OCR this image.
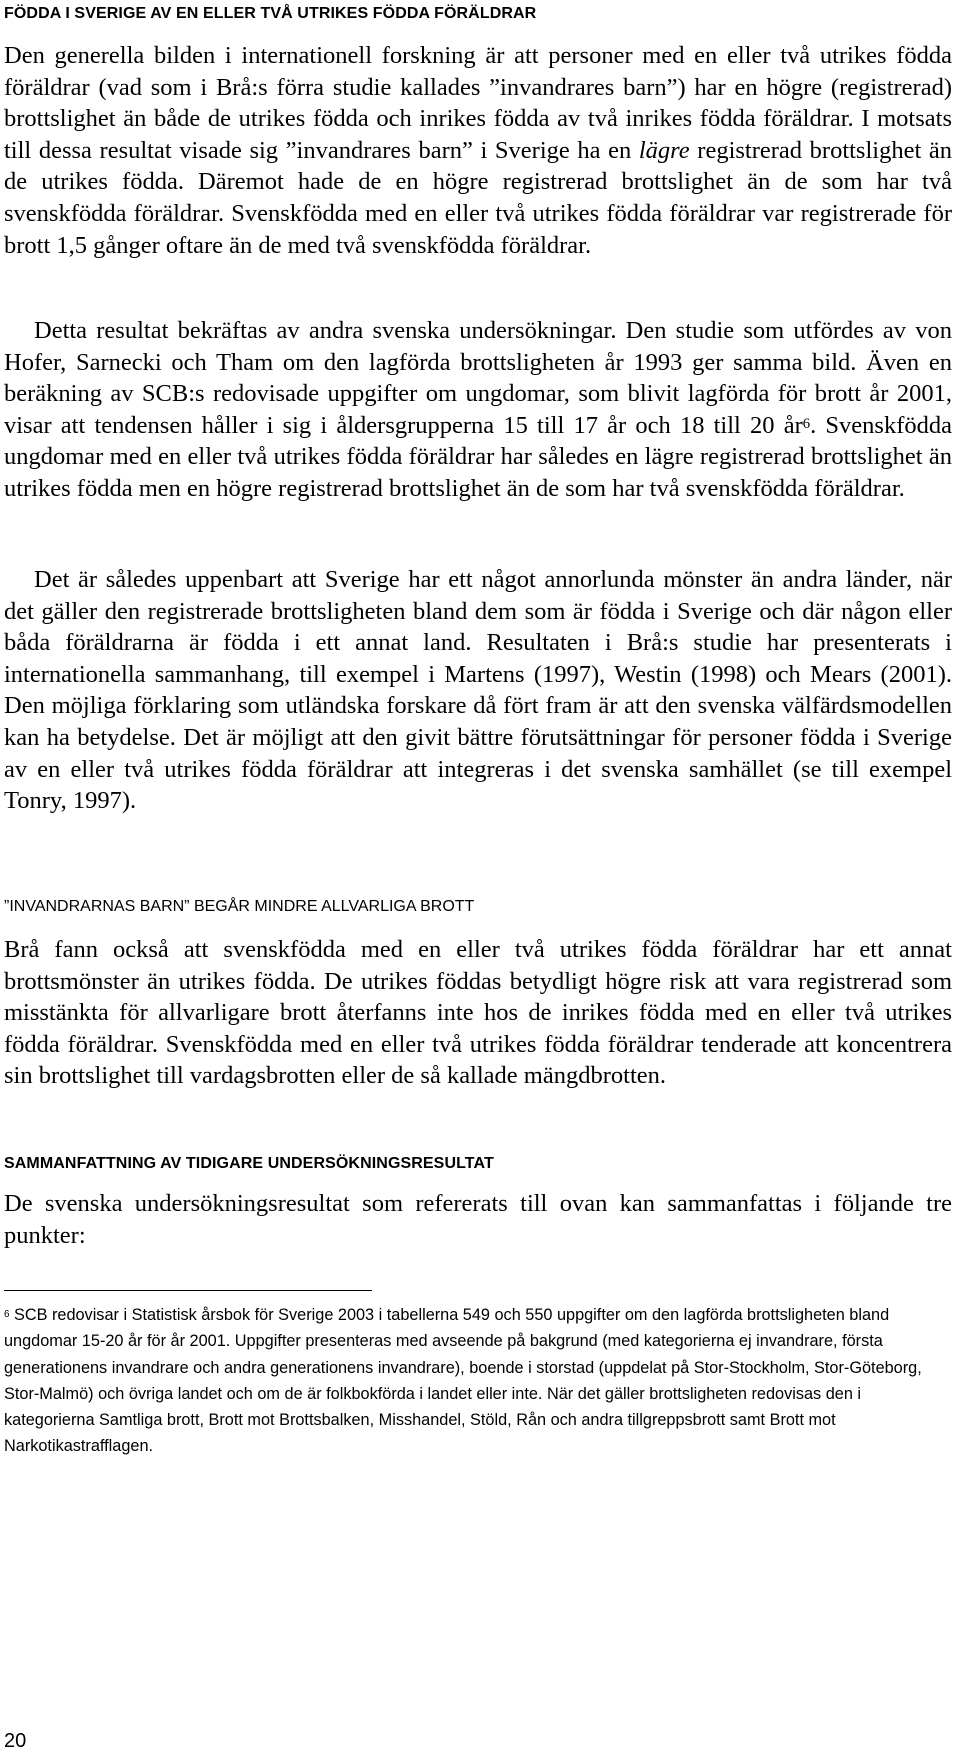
FÖDDA I SVERIGE AV EN ELLER TVÅ UTRIKES FÖDDA FÖRÄLDRAR

Den generella bilden i internationell forskning är att personer med en eller två utrikes födda föräldrar (vad som i Brå:s förra studie kallades ”invandrares barn”) har en högre (registrerad) brottslighet än både de utrikes födda och inrikes födda av två inrikes födda föräldrar. I motsats till dessa resultat visade sig ”invandrares barn” i Sverige ha en lägre registrerad brottslighet än de utrikes födda. Däremot hade de en högre registrerad brottslighet än de som har två svenskfödda föräldrar. Svenskfödda med en eller två utrikes födda föräldrar var registrerade för brott 1,5 gånger oftare än de med två svenskfödda föräldrar.

Detta resultat bekräftas av andra svenska undersökningar. Den studie som utfördes av von Hofer, Sarnecki och Tham om den lagförda brottsligheten år 1993 ger samma bild. Även en beräkning av SCB:s redovisade uppgifter om ungdomar, som blivit lagförda för brott år 2001, visar att tendensen håller i sig i åldersgrupperna 15 till 17 år och 18 till 20 $år^6$. Svenskfödda ungdomar med en eller två utrikes födda föräldrar har således en lägre registrerad brottslighet än utrikes födda men en högre registrerad brottslighet än de som har två svenskfödda föräldrar.

Det är således uppenbart att Sverige har ett något annorlunda mönster än andra länder, när det gäller den registrerade brottsligheten bland dem som är födda i Sverige och där någon eller båda föräldrarna är födda i ett annat land. Resultaten i Brå:s studie har presenterats i internationella sammanhang, till exempel i Martens (1997), Westin (1998) och Mears (2001). Den möjliga förklaring som utländska forskare då fört fram är att den svenska välfärdsmodellen kan ha betydelse. Det är möjligt att den givit bättre förutsättningar för personer födda i Sverige av en eller två utrikes födda föräldrar att integreras i det svenska samhället (se till exempel Tonry, 1997).

”INVANDRARNAS BARN” BEGÅR MINDRE ALLVARLIGA BROTT

Brå fann också att svenskfödda med en eller två utrikes födda föräldrar har ett annat brottsmönster än utrikes födda. De utrikes föddas betydligt högre risk att vara registrerad som misstänkta för allvarligare brott återfanns inte hos de inrikes födda med en eller två utrikes födda föräldrar. Svenskfödda med en eller två utrikes födda föräldrar tenderade att koncentrera sin brottslighet till vardagsbrotten eller de så kallade mängdbrotten.

SAMMANFATTNING AV TIDIGARE UNDERSÖKNINGSRESULTAT

De svenska undersökningsresultat som refererats till ovan kan sammanfattas i följande tre punkter:

$^6$ SCB redovisar i Statistisk årsbok för Sverige 2003 i tabellerna 549 och 550 uppgifter om den lagförda brottsligheten bland ungdomar 15-20 år för år 2001. Uppgifter presenteras med avseende på bakgrund (med kategorierna ej invandrare, första generationens invandrare och andra generationens invandrare), boende i storstad (uppdelat på Stor-Stockholm, Stor-Göteborg, Stor-Malmö) och övriga landet och om de är folkbokförda i landet eller inte. När det gäller brottsligheten redovisas den i kategorierna Samtliga brott, Brott mot Brottsbalken, Misshandel, Stöld, Rån och andra tillgreppsbrott samt Brott mot Narkotikastrafflagen.

20
